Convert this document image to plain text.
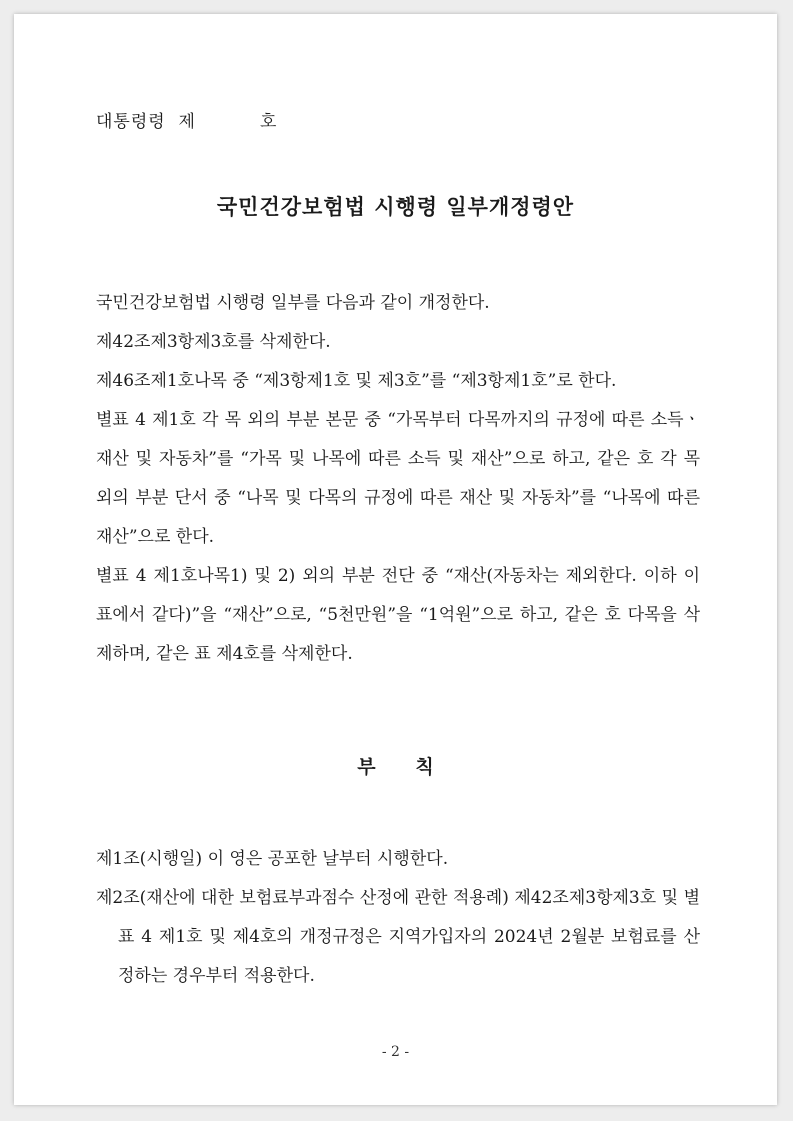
대통령령  제          호
국민건강보험법 시행령 일부개정령안

국민건강보험법 시행령 일부를 다음과 같이 개정한다.

제42조제3항제3호를 삭제한다.

제46조제1호나목 중 “제3항제1호 및 제3호”를 “제3항제1호”로 한다.

별표 4 제1호 각 목 외의 부분 본문 중 “가목부터 다목까지의 규정에 따른 소득ㆍ재산 및 자동차”를 “가목 및 나목에 따른 소득 및 재산”으로 하고, 같은 호 각 목 외의 부분 단서 중 “나목 및 다목의 규정에 따른 재산 및 자동차”를 “나목에 따른 재산”으로 한다.

별표 4 제1호나목1) 및 2) 외의 부분 전단 중 “재산(자동차는 제외한다. 이하 이 표에서 같다)”을 “재산”으로, “5천만원”을 “1억원”으로 하고, 같은 호 다목을 삭제하며, 같은 표 제4호를 삭제한다.

부      칙

제1조(시행일) 이 영은 공포한 날부터 시행한다.

제2조(재산에 대한 보험료부과점수 산정에 관한 적용례) 제42조제3항제3호 및 별표 4 제1호 및 제4호의 개정규정은 지역가입자의 2024년 2월분 보험료를 산정하는 경우부터 적용한다.

- 2 -
